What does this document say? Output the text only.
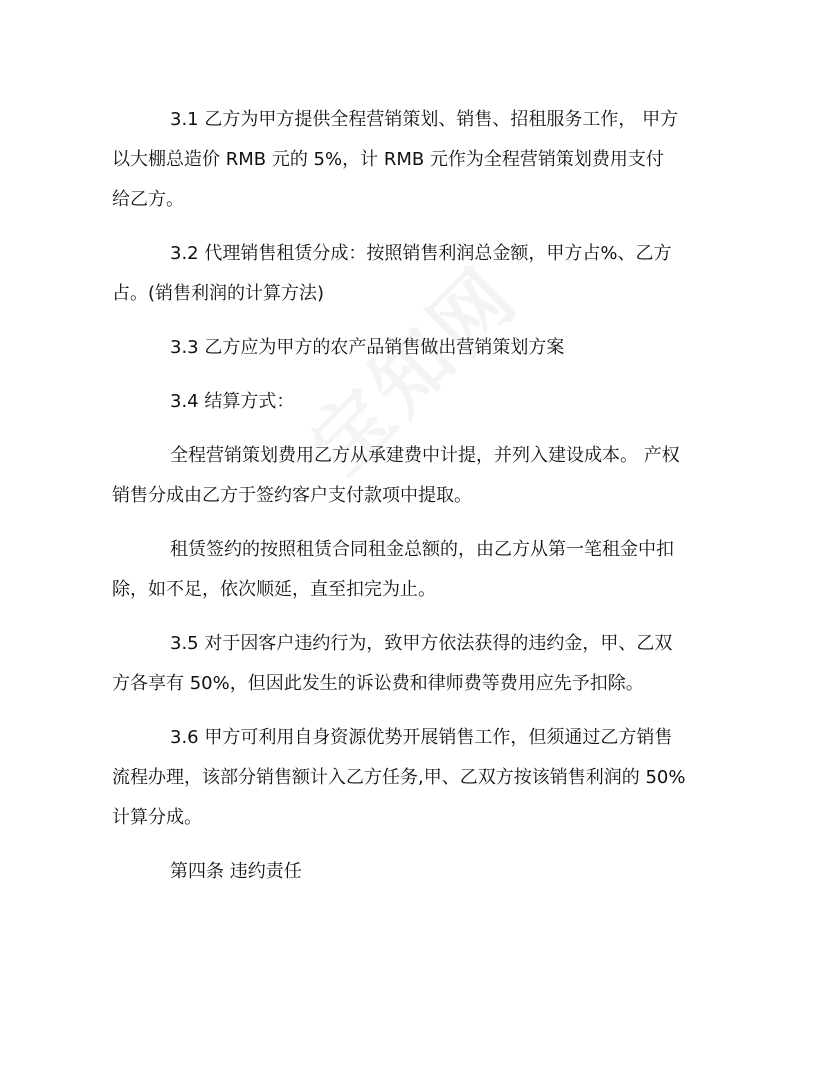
3.1 乙方为甲方提供全程营销策划、销售、招租服务工作， 甲方
以大棚总造价 RMB 元的 5%，计 RMB 元作为全程营销策划费用支付
给乙方。
3.2 代理销售租赁分成：按照销售利润总金额，甲方占%、乙方
占。(销售利润的计算方法)
3.3 乙方应为甲方的农产品销售做出营销策划方案
3.4 结算方式：
全程营销策划费用乙方从承建费中计提，并列入建设成本。 产权
销售分成由乙方于签约客户支付款项中提取。
租赁签约的按照租赁合同租金总额的，由乙方从第一笔租金中扣
除，如不足，依次顺延，直至扣完为止。
3.5 对于因客户违约行为，致甲方依法获得的违约金，甲、乙双
方各享有 50%，但因此发生的诉讼费和律师费等费用应先予扣除。
3.6 甲方可利用自身资源优势开展销售工作，但须通过乙方销售
流程办理，该部分销售额计入乙方任务,甲、乙双方按该销售利润的 50%
计算分成。
第四条 违约责任
